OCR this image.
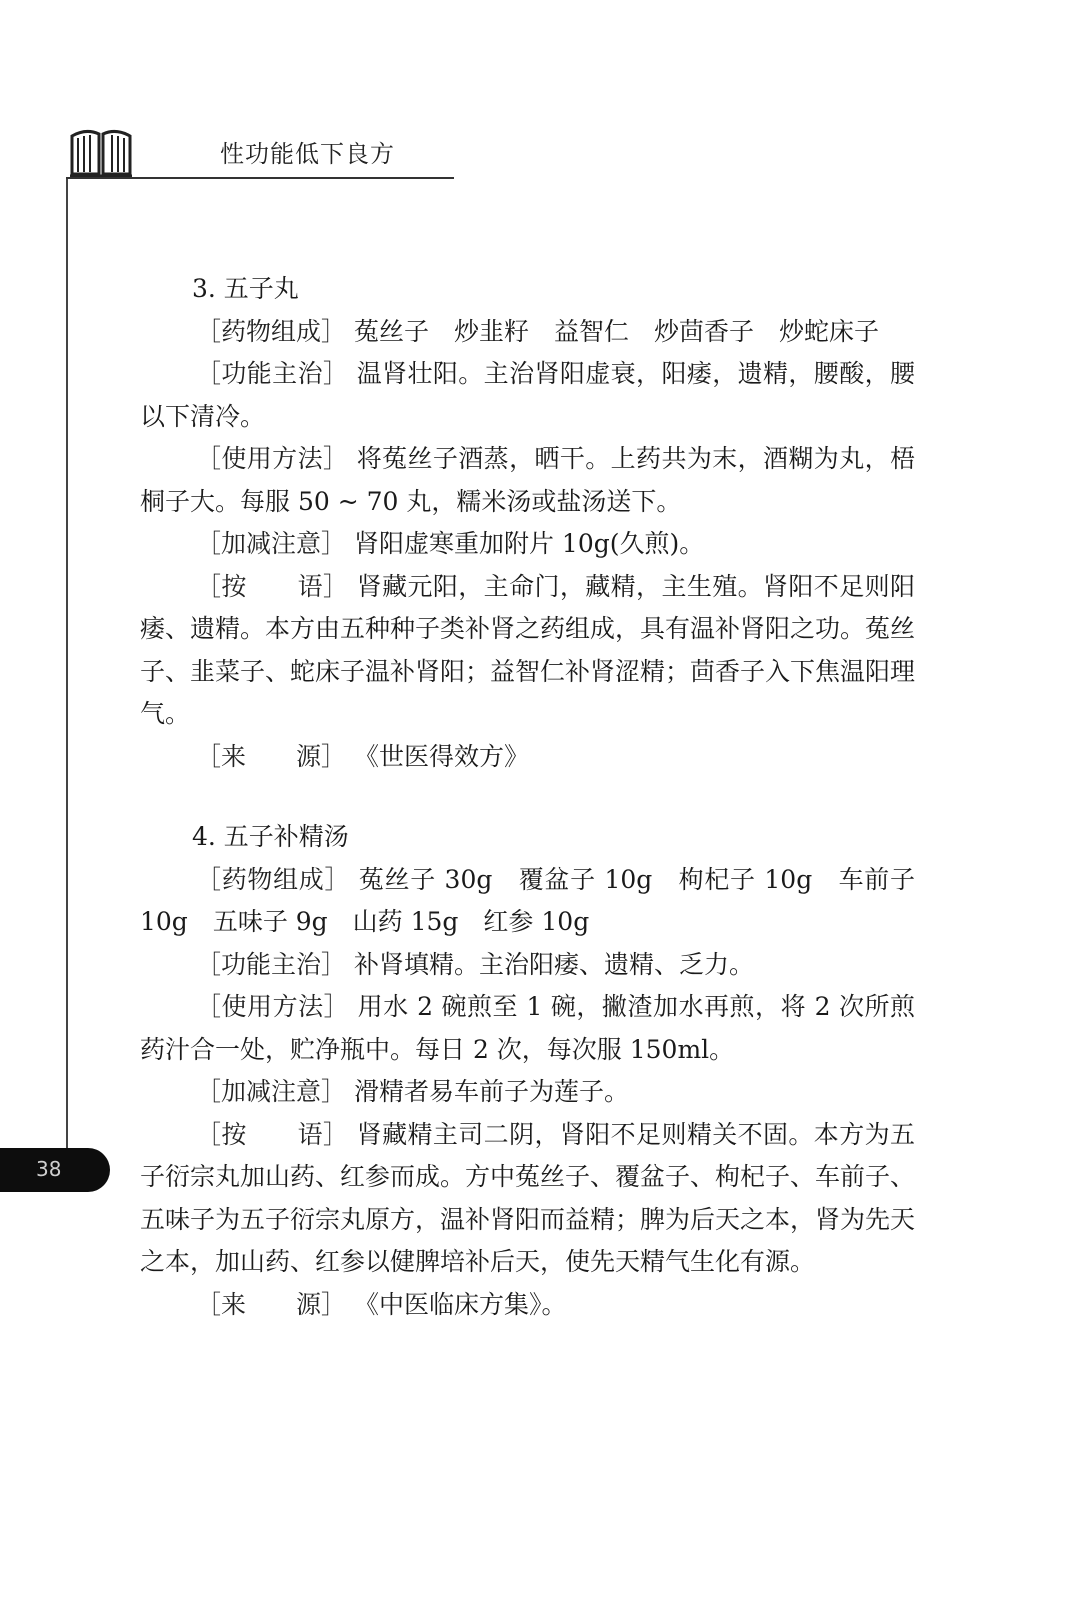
性功能低下良方
38

3. 五子丸

［药物组成］ 菟丝子　炒韭籽　益智仁　炒茴香子　炒蛇床子

［功能主治］ 温肾壮阳。主治肾阳虚衰，阳痿，遗精，腰酸，腰以下清冷。

［使用方法］ 将菟丝子酒蒸，晒干。上药共为末，酒糊为丸，梧桐子大。每服 50 ~ 70 丸，糯米汤或盐汤送下。

［加减注意］ 肾阳虚寒重加附片 10g(久煎)。

［按　　语］ 肾藏元阳，主命门，藏精，主生殖。肾阳不足则阳痿、遗精。本方由五种种子类补肾之药组成，具有温补肾阳之功。菟丝子、韭菜子、蛇床子温补肾阳；益智仁补肾涩精；茴香子入下焦温阳理气。

［来　　源］ 《世医得效方》

4. 五子补精汤

［药物组成］ 菟丝子 30g　覆盆子 10g　枸杞子 10g　车前子 10g　五味子 9g　山药 15g　红参 10g

［功能主治］ 补肾填精。主治阳痿、遗精、乏力。

［使用方法］ 用水 2 碗煎至 1 碗，撇渣加水再煎，将 2 次所煎药汁合一处，贮净瓶中。每日 2 次，每次服 150ml。

［加减注意］ 滑精者易车前子为莲子。

［按　　语］ 肾藏精主司二阴，肾阳不足则精关不固。本方为五子衍宗丸加山药、红参而成。方中菟丝子、覆盆子、枸杞子、车前子、五味子为五子衍宗丸原方，温补肾阳而益精；脾为后天之本，肾为先天之本，加山药、红参以健脾培补后天，使先天精气生化有源。

［来　　源］ 《中医临床方集》。
